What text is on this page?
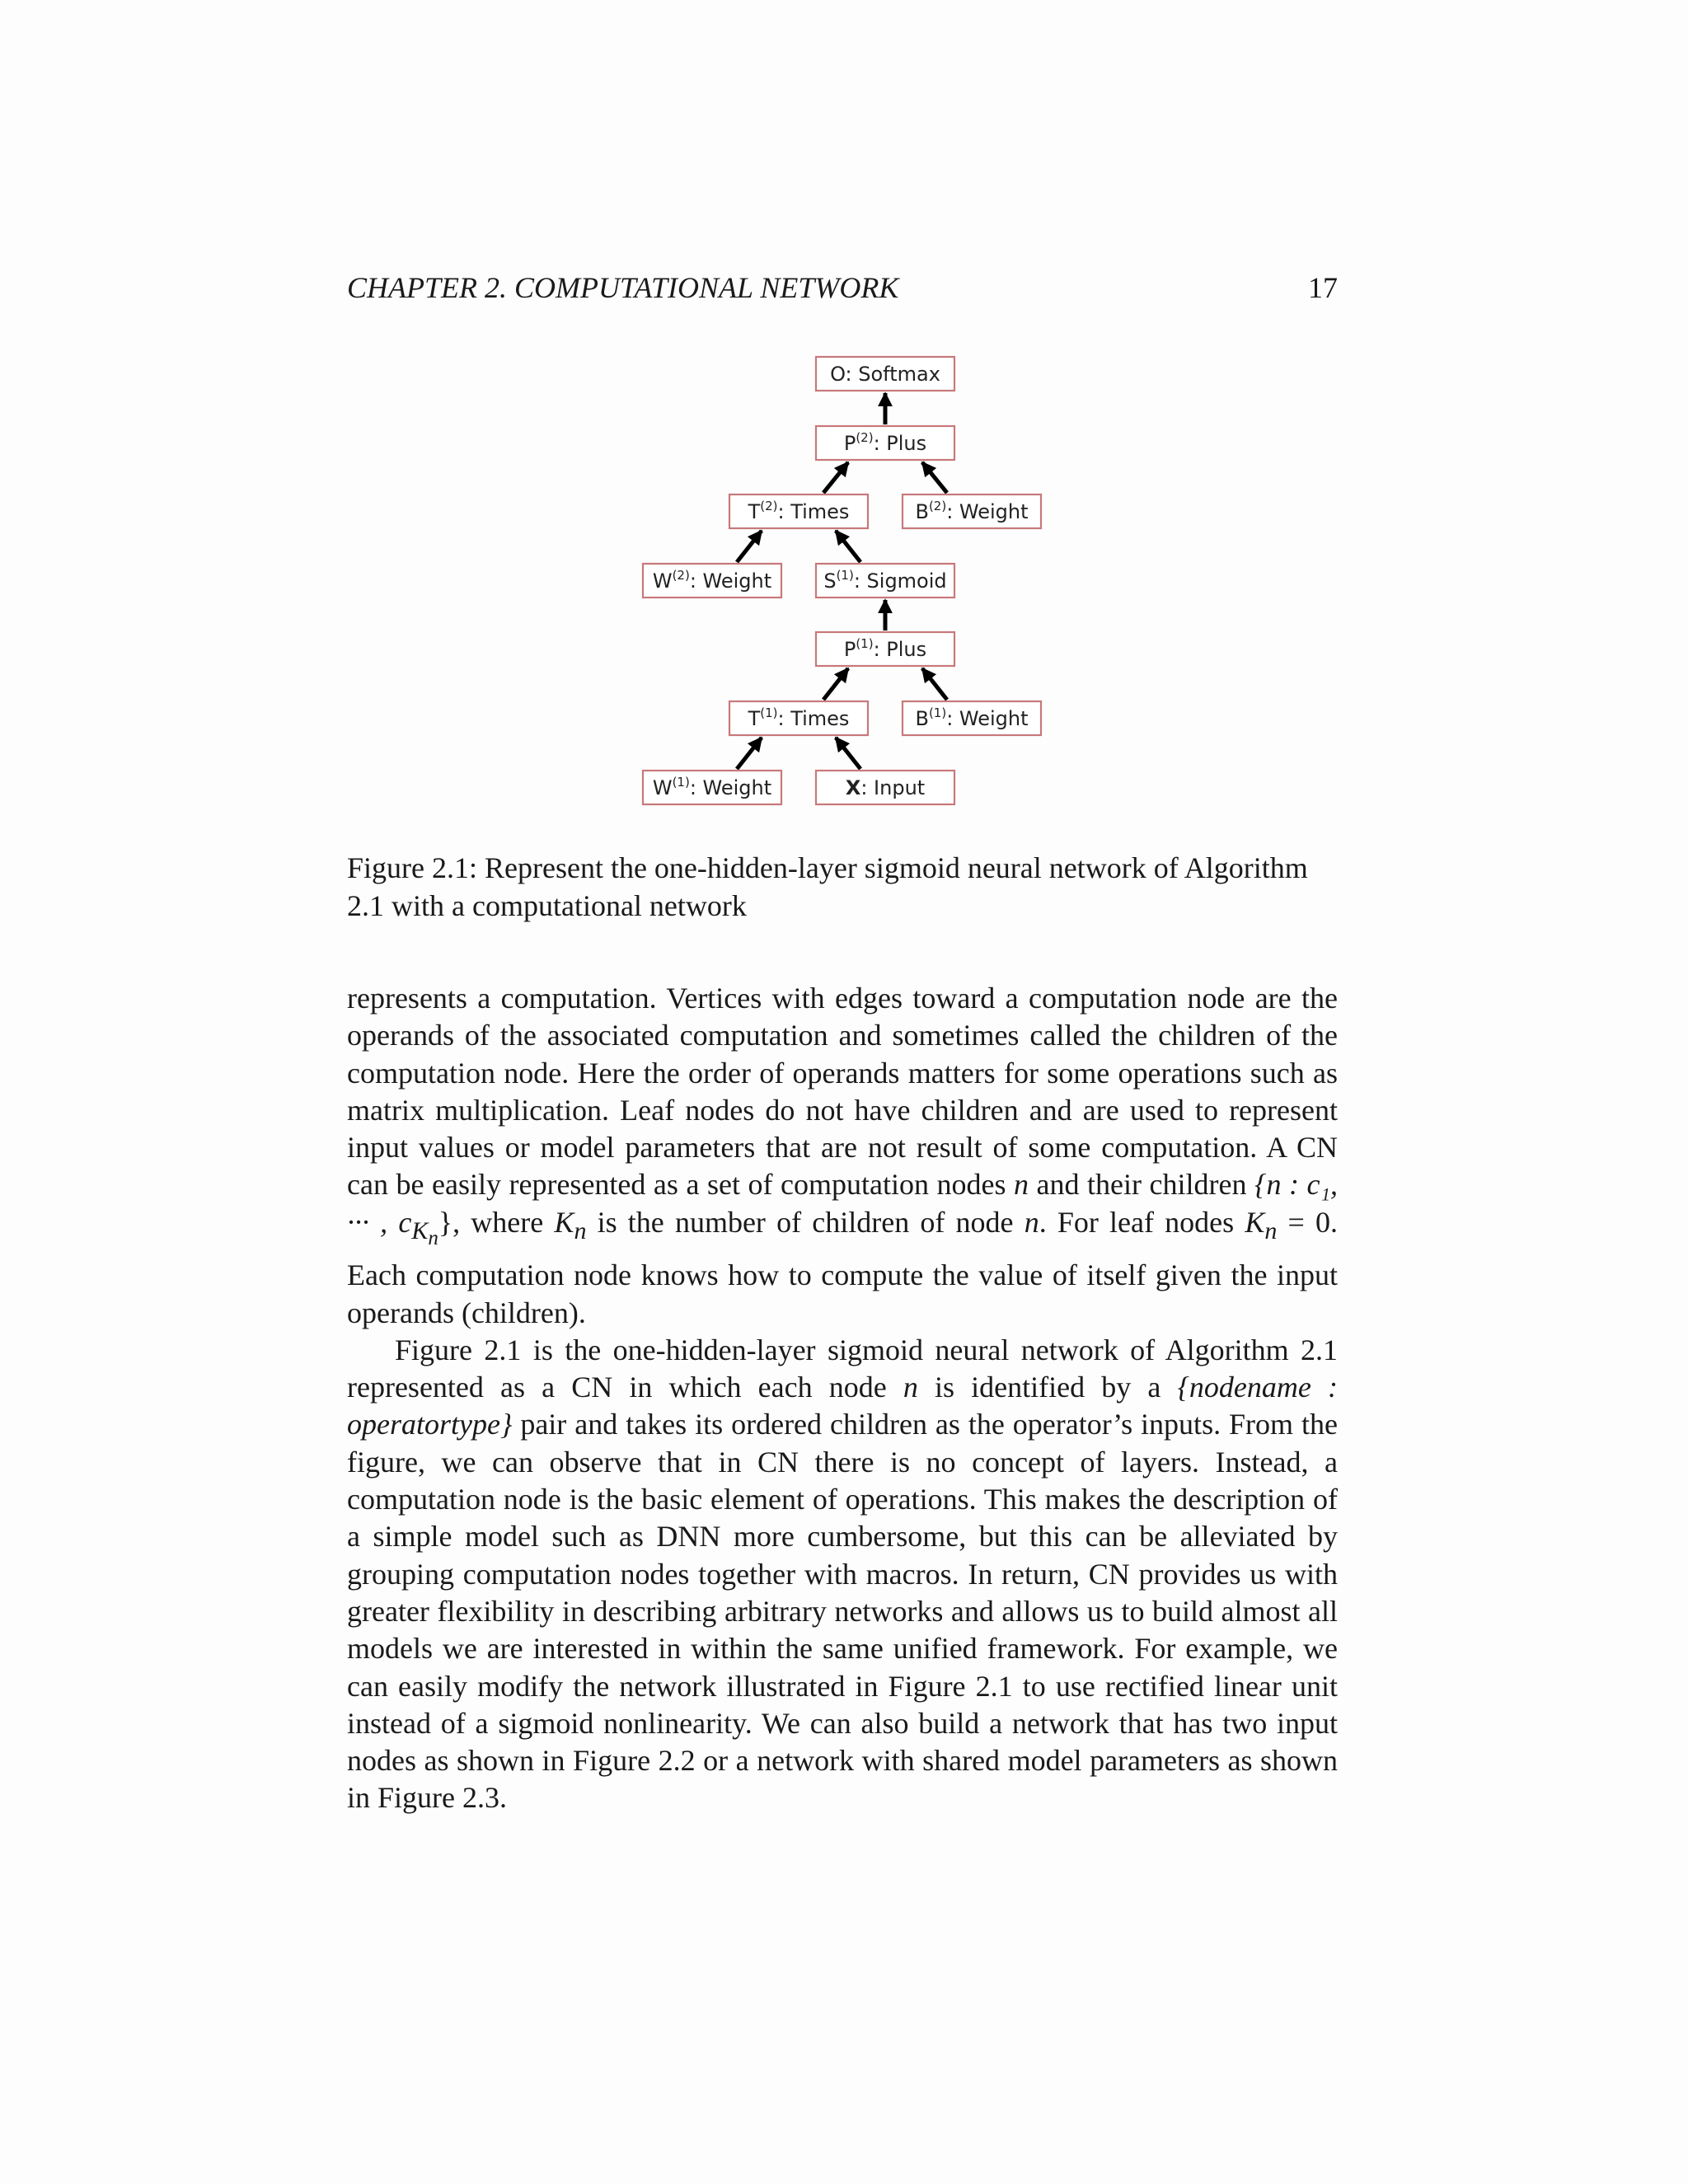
CHAPTER 2. COMPUTATIONAL NETWORK	17
O: Softmax
$P^{(2)}$: Plus
$T^{(2)}$: Times	$B^{(2)}$: Weight
$W^{(2)}$: Weight	$S^{(1)}$: Sigmoid
$P^{(1)}$: Plus
$T^{(1)}$: Times	$B^{(1)}$: Weight
$W^{(1)}$: Weight	X: Input
Figure 2.1: Represent the one-hidden-layer sigmoid neural network of Algorithm 2.1 with a computational network

represents a computation. Vertices with edges toward a computation node are the operands of the associated computation and sometimes called the children of the computation node. Here the order of operands matters for some operations such as matrix multiplication. Leaf nodes do not have children and are used to represent input values or model parameters that are not result of some computation. A CN can be easily represented as a set of computation nodes n and their children {n : c₁, ··· , $c_{K_n}$}, where $K_n$ is the number of children of node n. For leaf nodes $K_n = 0$. Each computation node knows how to compute the value of itself given the input operands (children).

Figure 2.1 is the one-hidden-layer sigmoid neural network of Algorithm 2.1 represented as a CN in which each node n is identified by a {nodename : operatortype} pair and takes its ordered children as the operator’s inputs. From the figure, we can observe that in CN there is no concept of layers. Instead, a computation node is the basic element of operations. This makes the description of a simple model such as DNN more cumbersome, but this can be alleviated by grouping computation nodes together with macros. In return, CN provides us with greater flexibility in describing arbitrary networks and allows us to build almost all models we are interested in within the same unified framework. For example, we can easily modify the network illustrated in Figure 2.1 to use rectified linear unit instead of a sigmoid nonlinearity. We can also build a network that has two input nodes as shown in Figure 2.2 or a network with shared model parameters as shown in Figure 2.3.
